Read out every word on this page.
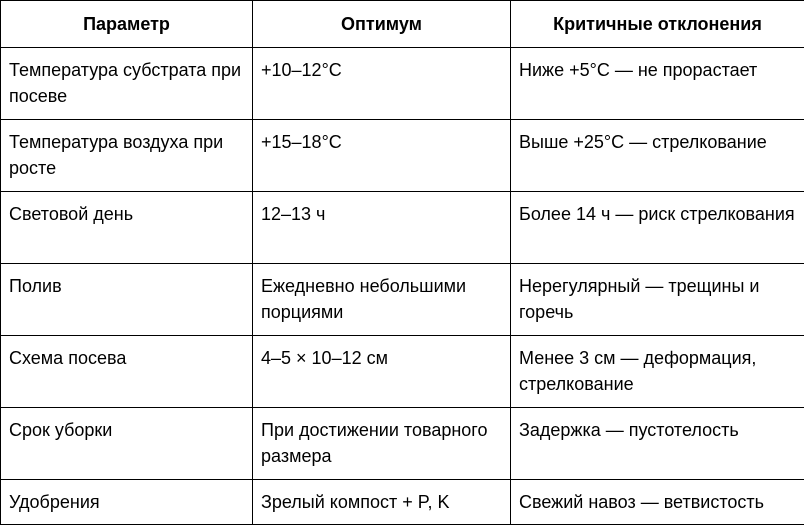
Параметр	Оптимум	Критичные отклонения
Температура субстрата при посеве	+10–12°C	Ниже +5°C — не прорастает
Температура воздуха при росте	+15–18°C	Выше +25°C — стрелкование
Световой день	12–13 ч	Более 14 ч — риск стрелкования
Полив	Ежедневно небольшими порциями	Нерегулярный — трещины и горечь
Схема посева	4–5 × 10–12 см	Менее 3 см — деформация, стрелкование
Срок уборки	При достижении товарного размера	Задержка — пустотелость
Удобрения	Зрелый компост + P, K	Свежий навоз — ветвистость
